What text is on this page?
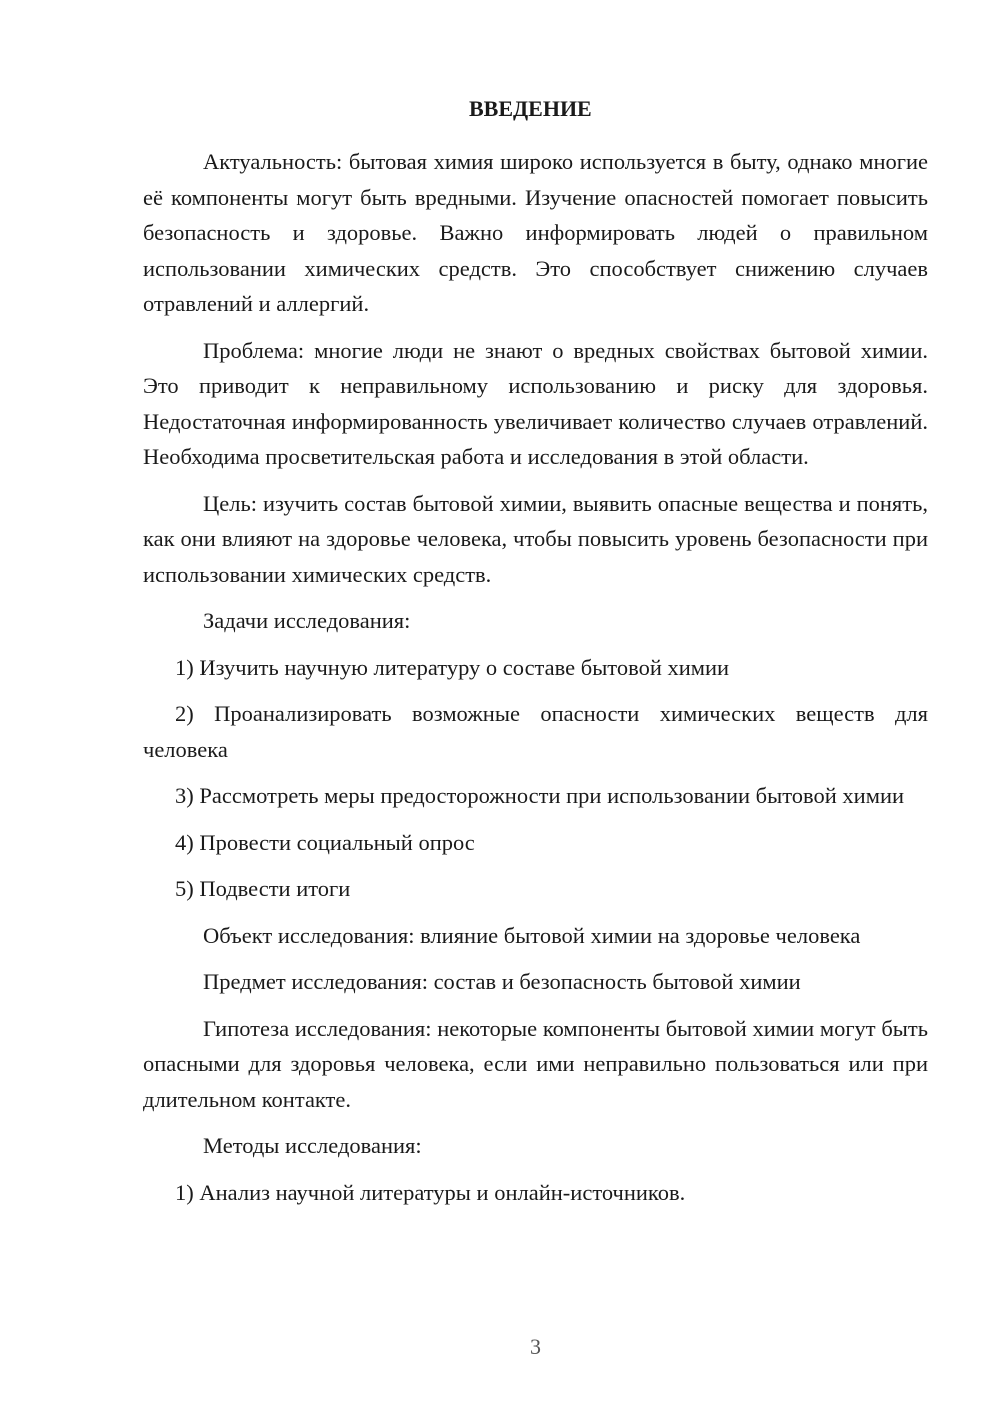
ВВЕДЕНИЕ

Актуальность: бытовая химия широко используется в быту, однако многие её компоненты могут быть вредными. Изучение опасностей помогает повысить безопасность и здоровье. Важно информировать людей о правильном использовании химических средств. Это способствует снижению случаев отравлений и аллергий.

Проблема: многие люди не знают о вредных свойствах бытовой химии. Это приводит к неправильному использованию и риску для здоровья. Недостаточная информированность увеличивает количество случаев отравлений. Необходима просветительская работа и исследования в этой области.

Цель: изучить состав бытовой химии, выявить опасные вещества и понять, как они влияют на здоровье человека, чтобы повысить уровень безопасности при использовании химических средств.

Задачи исследования:

1) Изучить научную литературу о составе бытовой химии

2) Проанализировать возможные опасности химических веществ для человека

3) Рассмотреть меры предосторожности при использовании бытовой химии

4) Провести социальный опрос

5) Подвести итоги

Объект исследования: влияние бытовой химии на здоровье человека

Предмет исследования: состав и безопасность бытовой химии

Гипотеза исследования: некоторые компоненты бытовой химии могут быть опасными для здоровья человека, если ими неправильно пользоваться или при длительном контакте.

Методы исследования:

1) Анализ научной литературы и онлайн-источников.

3
